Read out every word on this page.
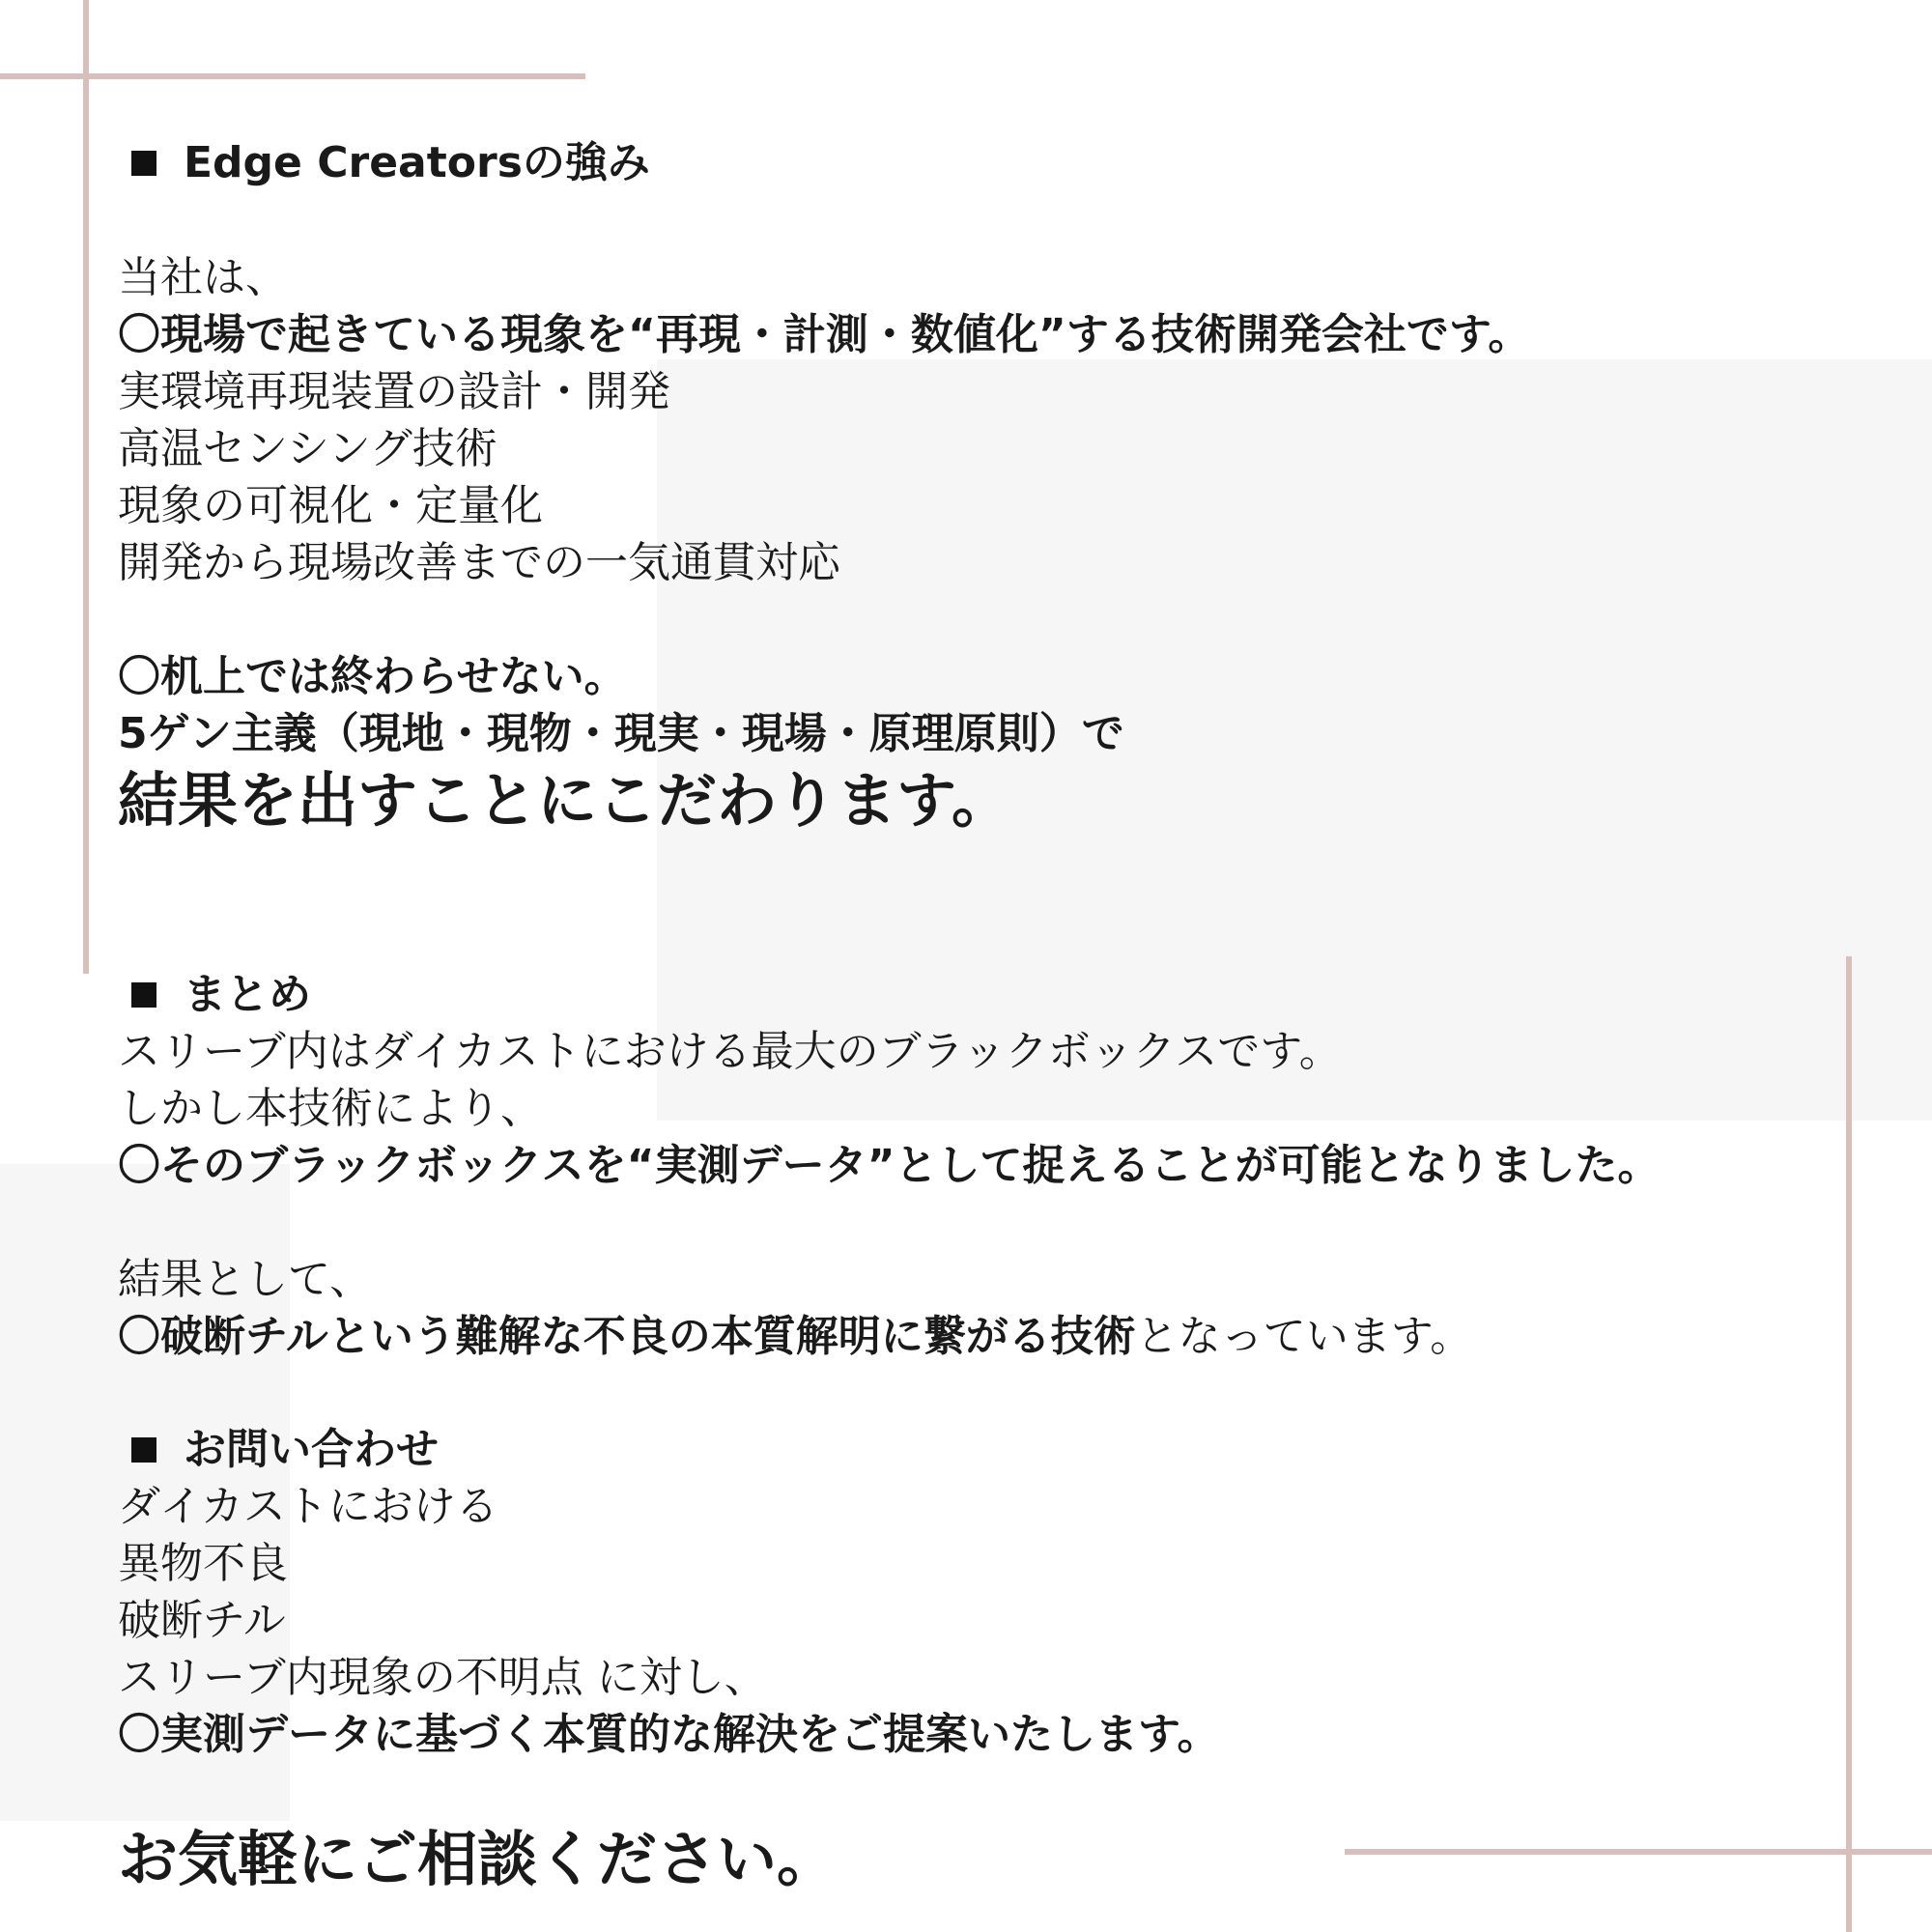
Edge Creatorsの強み
当社は、
〇現場で起きている現象を“再現・計測・数値化”する技術開発会社です。
実環境再現装置の設計・開発
高温センシング技術
現象の可視化・定量化
開発から現場改善までの一気通貫対応
〇机上では終わらせない。
5ゲン主義（現地・現物・現実・現場・原理原則）で
結果を出すことにこだわります。
まとめ
スリーブ内はダイカストにおける最大のブラックボックスです。
しかし本技術により、
〇そのブラックボックスを“実測データ”として捉えることが可能となりました。
結果として、
〇破断チルという難解な不良の本質解明に繋がる技術となっています。
お問い合わせ
ダイカストにおける
異物不良
破断チル
スリーブ内現象の不明点 に対し、
〇実測データに基づく本質的な解決をご提案いたします。
お気軽にご相談ください。
